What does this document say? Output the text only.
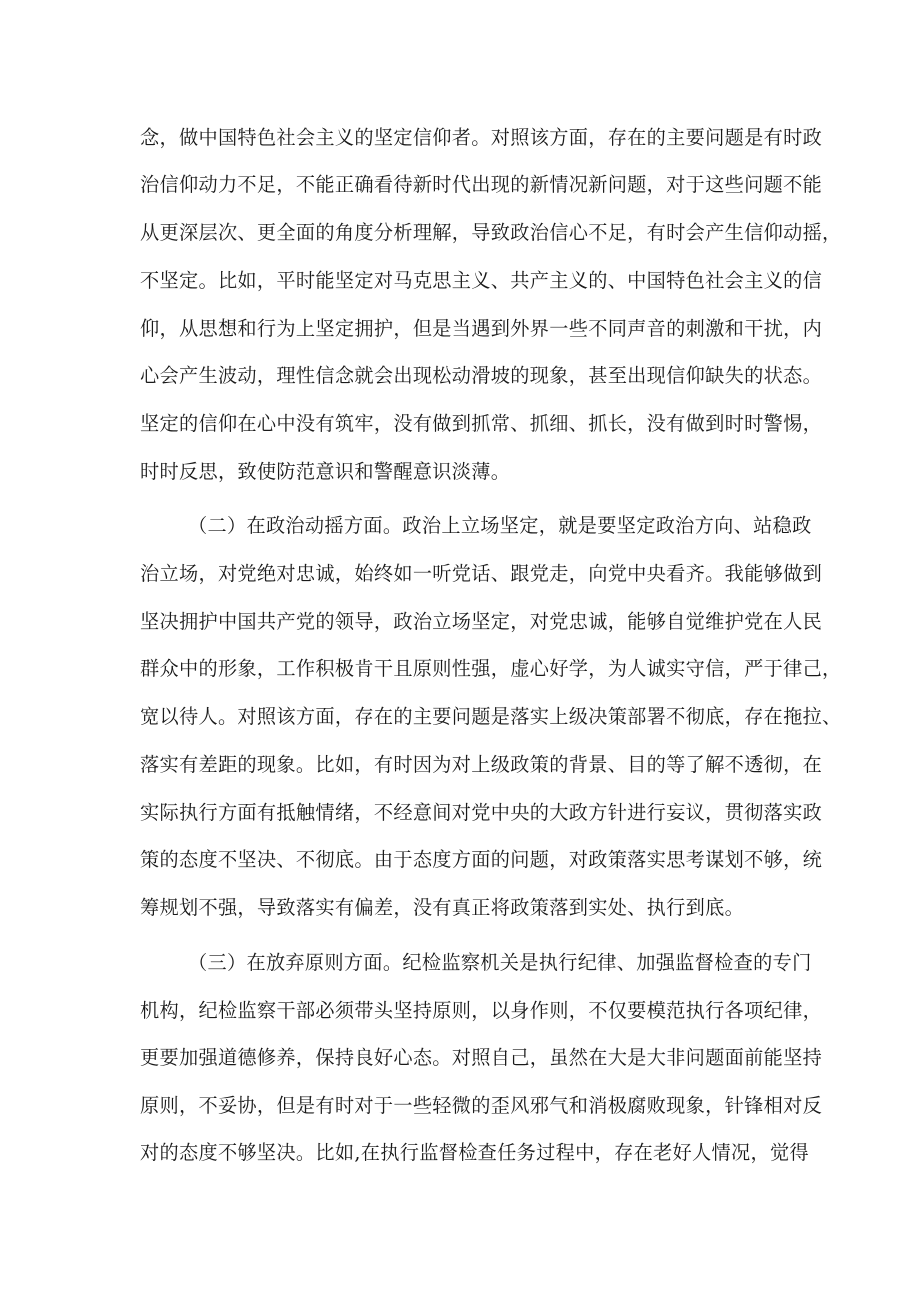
念，做中国特色社会主义的坚定信仰者。对照该方面，存在的主要问题是有时政
治信仰动力不足，不能正确看待新时代出现的新情况新问题，对于这些问题不能
从更深层次、更全面的角度分析理解，导致政治信心不足，有时会产生信仰动摇，
不坚定。比如，平时能坚定对马克思主义、共产主义的、中国特色社会主义的信
仰，从思想和行为上坚定拥护，但是当遇到外界一些不同声音的刺激和干扰，内
心会产生波动，理性信念就会出现松动滑坡的现象，甚至出现信仰缺失的状态。
坚定的信仰在心中没有筑牢，没有做到抓常、抓细、抓长，没有做到时时警惕，
时时反思，致使防范意识和警醒意识淡薄。
（二）在政治动摇方面。政治上立场坚定，就是要坚定政治方向、站稳政
治立场，对党绝对忠诚，始终如一听党话、跟党走，向党中央看齐。我能够做到
坚决拥护中国共产党的领导，政治立场坚定，对党忠诚，能够自觉维护党在人民
群众中的形象，工作积极肯干且原则性强，虚心好学，为人诚实守信，严于律己，
宽以待人。对照该方面，存在的主要问题是落实上级决策部署不彻底，存在拖拉、
落实有差距的现象。比如，有时因为对上级政策的背景、目的等了解不透彻，在
实际执行方面有抵触情绪，不经意间对党中央的大政方针进行妄议，贯彻落实政
策的态度不坚决、不彻底。由于态度方面的问题，对政策落实思考谋划不够，统
筹规划不强，导致落实有偏差，没有真正将政策落到实处、执行到底。
（三）在放弃原则方面。纪检监察机关是执行纪律、加强监督检查的专门
机构，纪检监察干部必须带头坚持原则，以身作则，不仅要模范执行各项纪律，
更要加强道德修养，保持良好心态。对照自己，虽然在大是大非问题面前能坚持
原则，不妥协，但是有时对于一些轻微的歪风邪气和消极腐败现象，针锋相对反
对的态度不够坚决。比如,在执行监督检查任务过程中，存在老好人情况，觉得
